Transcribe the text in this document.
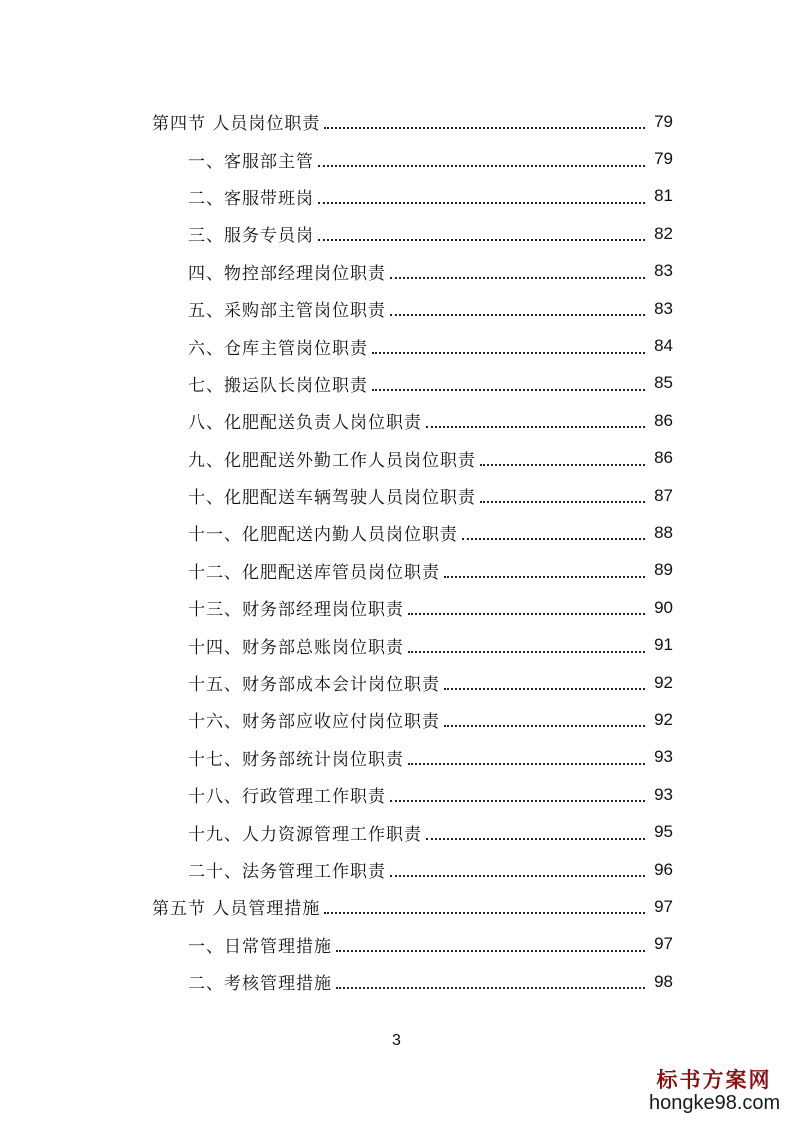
第四节 人员岗位职责	79
一、客服部主管	79
二、客服带班岗	81
三、服务专员岗	82
四、物控部经理岗位职责	83
五、采购部主管岗位职责	83
六、仓库主管岗位职责	84
七、搬运队长岗位职责	85
八、化肥配送负责人岗位职责	86
九、化肥配送外勤工作人员岗位职责	86
十、化肥配送车辆驾驶人员岗位职责	87
十一、化肥配送内勤人员岗位职责	88
十二、化肥配送库管员岗位职责	89
十三、财务部经理岗位职责	90
十四、财务部总账岗位职责	91
十五、财务部成本会计岗位职责	92
十六、财务部应收应付岗位职责	92
十七、财务部统计岗位职责	93
十八、行政管理工作职责	93
十九、人力资源管理工作职责	95
二十、法务管理工作职责	96
第五节 人员管理措施	97
一、日常管理措施	97
二、考核管理措施	98
3
标书方案网
hongke98.com
